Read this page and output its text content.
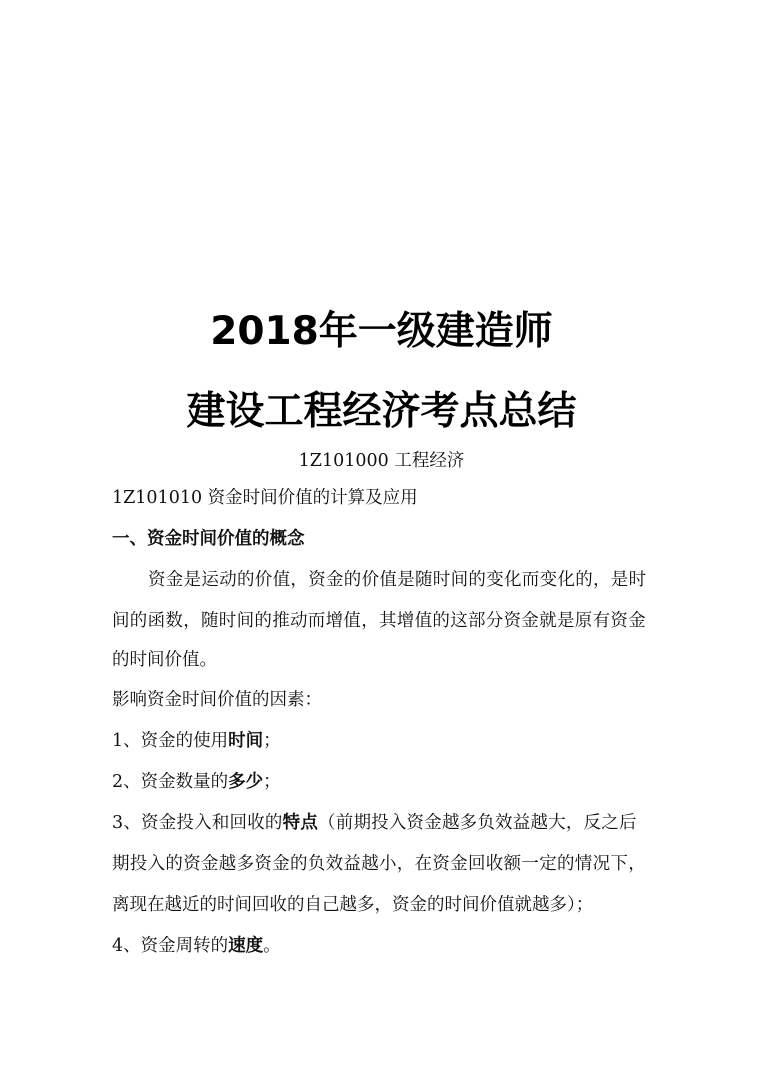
2018年一级建造师
建设工程经济考点总结
1Z101000 工程经济
1Z101010 资金时间价值的计算及应用
一、资金时间价值的概念
资金是运动的价值，资金的价值是随时间的变化而变化的，是时
间的函数，随时间的推动而增值，其增值的这部分资金就是原有资金
的时间价值。
影响资金时间价值的因素：
1、资金的使用时间；
2、资金数量的多少；
3、资金投入和回收的特点（前期投入资金越多负效益越大，反之后
期投入的资金越多资金的负效益越小，在资金回收额一定的情况下，
离现在越近的时间回收的自己越多，资金的时间价值就越多）；
4、资金周转的速度。
